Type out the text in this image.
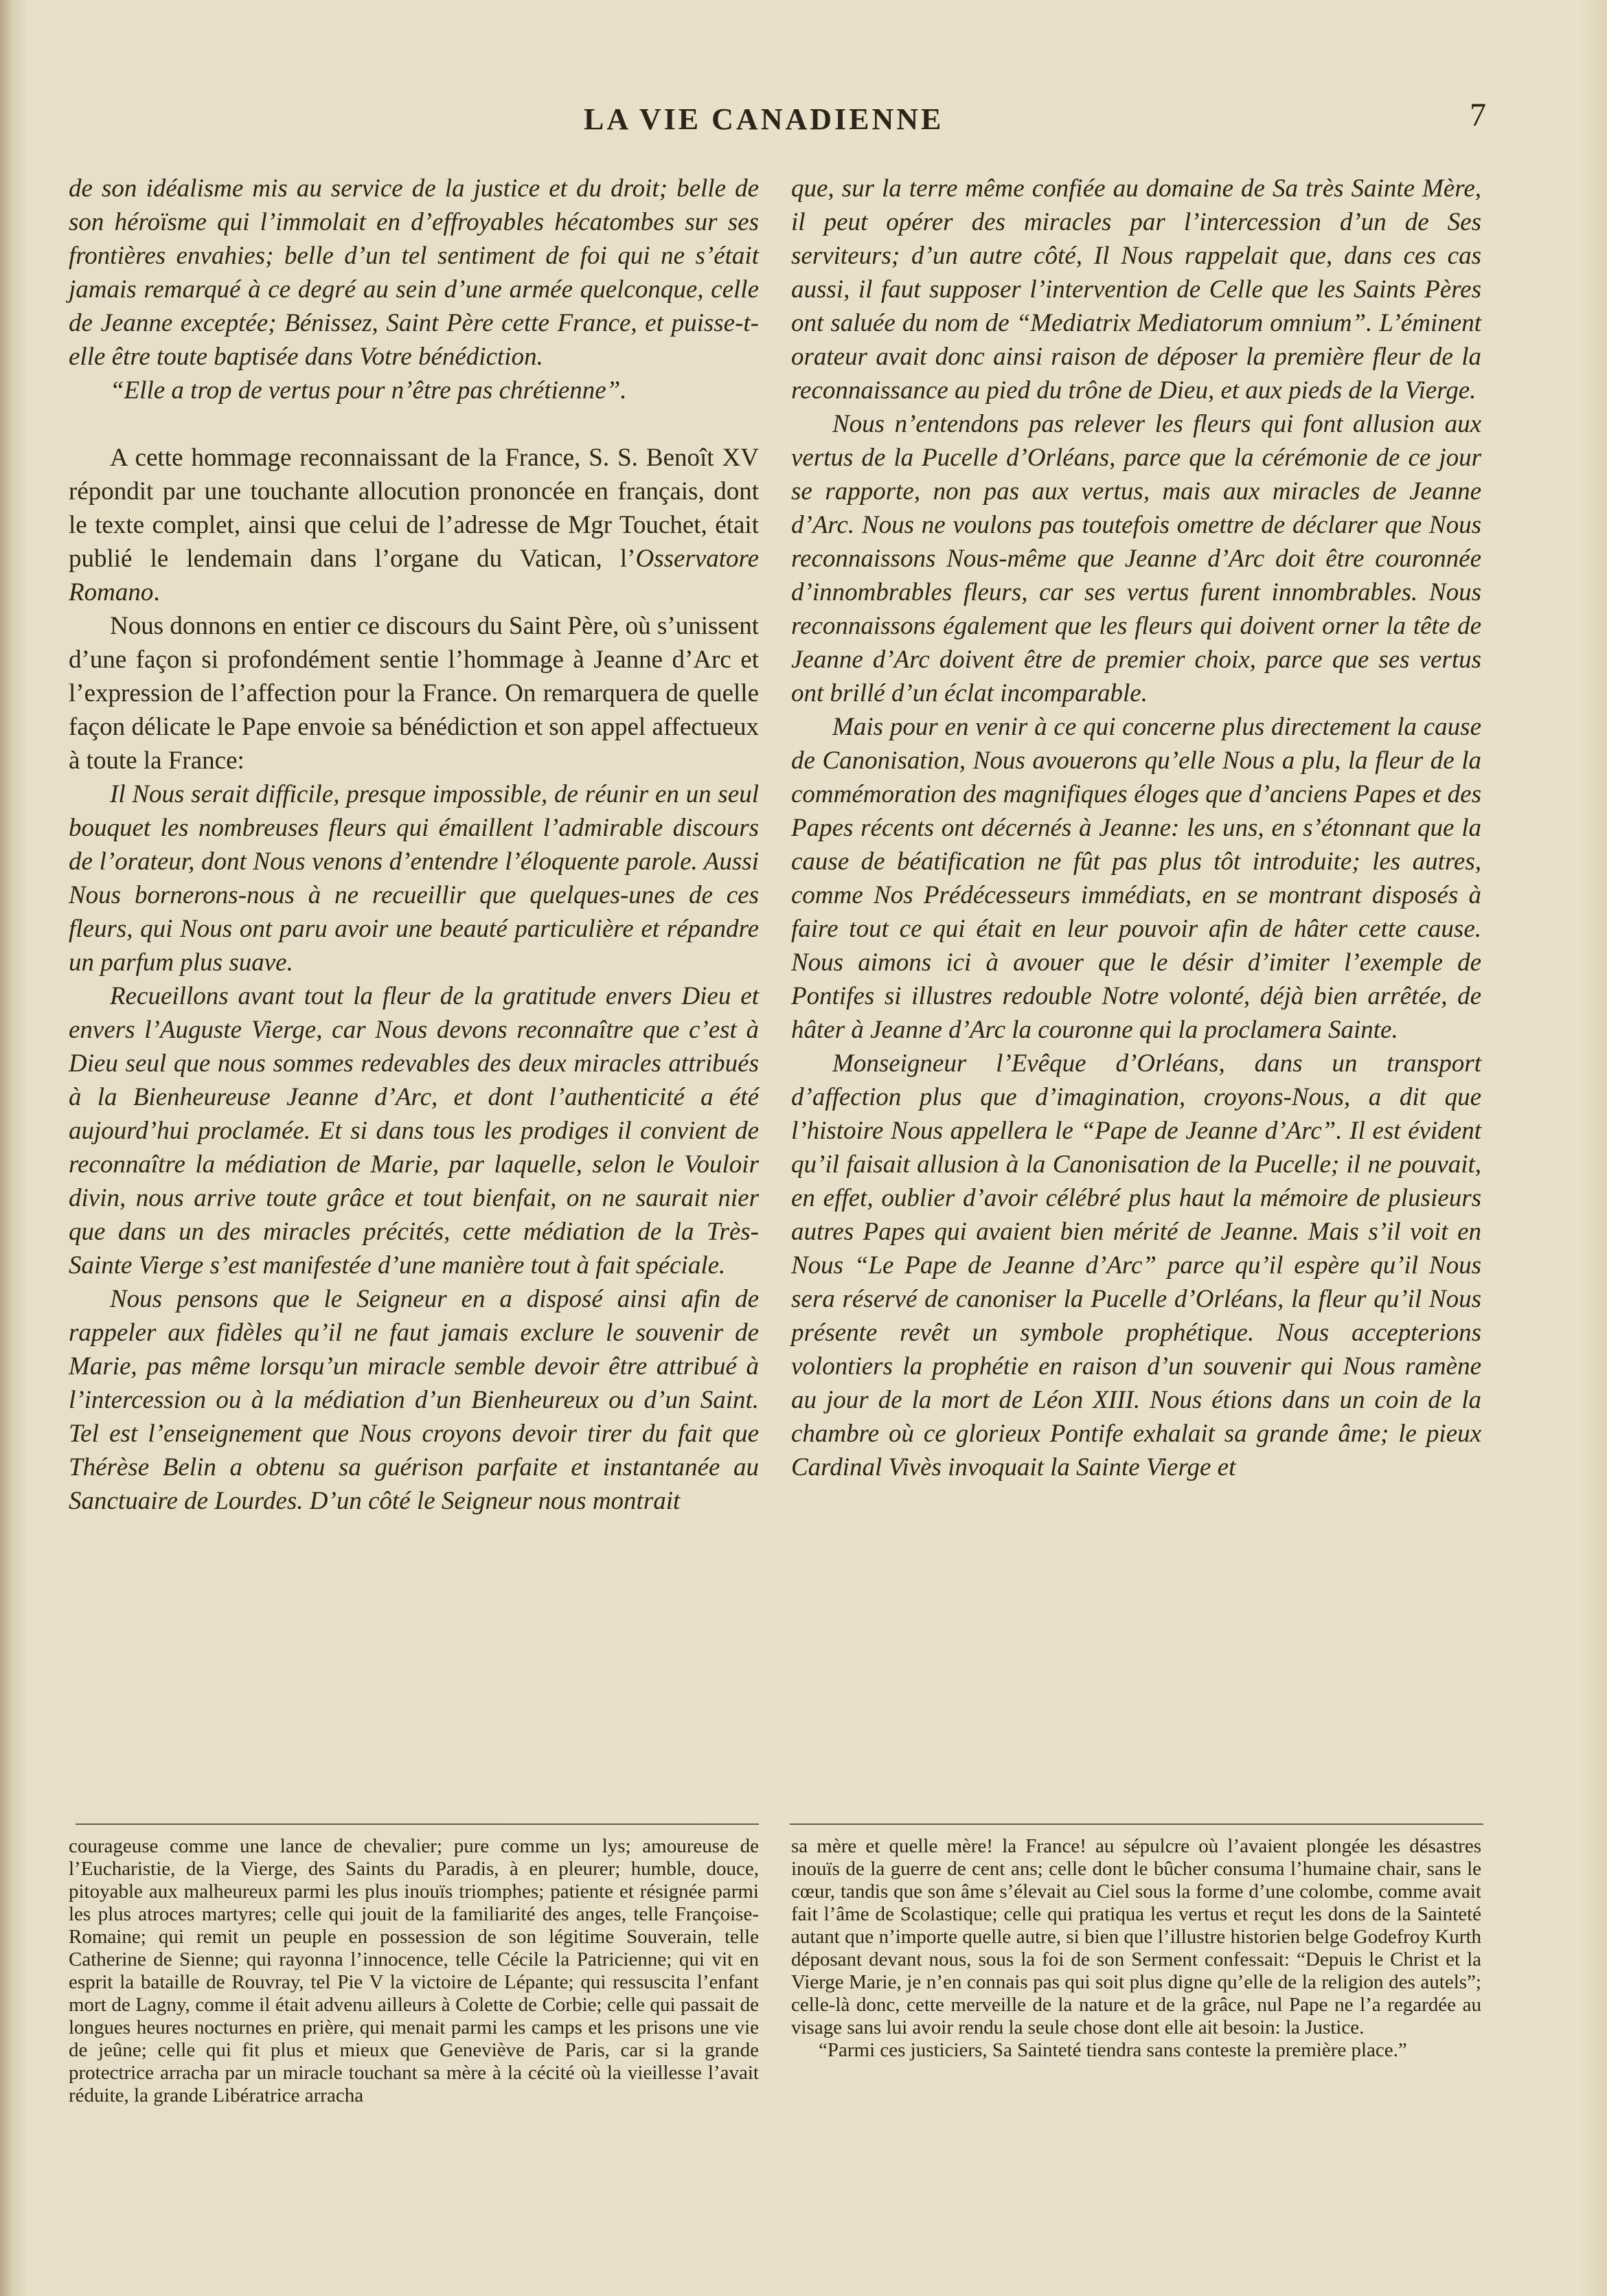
LA VIE CANADIENNE	7

de son idéalisme mis au service de la justice et du droit; belle de son héroïsme qui l’immolait en d’effroyables hécatombes sur ses frontières envahies; belle d’un tel sentiment de foi qui ne s’était jamais remarqué à ce degré au sein d’une armée quelconque, celle de Jeanne exceptée; Bénissez, Saint Père cette France, et puisse-t-elle être toute baptisée dans Votre bénédiction.

“Elle a trop de vertus pour n’être pas chrétienne”.

A cette hommage reconnaissant de la France, S. S. Benoît XV répondit par une touchante allocution prononcée en français, dont le texte complet, ainsi que celui de l’adresse de Mgr Touchet, était publié le lendemain dans l’organe du Vatican, l’Osservatore Romano.

Nous donnons en entier ce discours du Saint Père, où s’unissent d’une façon si profondément sentie l’hommage à Jeanne d’Arc et l’expression de l’affection pour la France. On remarquera de quelle façon délicate le Pape envoie sa bénédiction et son appel affectueux à toute la France:

Il Nous serait difficile, presque impossible, de réunir en un seul bouquet les nombreuses fleurs qui émaillent l’admirable discours de l’orateur, dont Nous venons d’entendre l’éloquente parole. Aussi Nous bornerons-nous à ne recueillir que quelques-unes de ces fleurs, qui Nous ont paru avoir une beauté particulière et répandre un parfum plus suave.

Recueillons avant tout la fleur de la gratitude envers Dieu et envers l’Auguste Vierge, car Nous devons reconnaître que c’est à Dieu seul que nous sommes redevables des deux miracles attribués à la Bienheureuse Jeanne d’Arc, et dont l’authenticité a été aujourd’hui proclamée. Et si dans tous les prodiges il convient de reconnaître la médiation de Marie, par laquelle, selon le Vouloir divin, nous arrive toute grâce et tout bienfait, on ne saurait nier que dans un des miracles précités, cette médiation de la Très-Sainte Vierge s’est manifestée d’une manière tout à fait spéciale.

Nous pensons que le Seigneur en a disposé ainsi afin de rappeler aux fidèles qu’il ne faut jamais exclure le souvenir de Marie, pas même lorsqu’un miracle semble devoir être attribué à l’intercession ou à la médiation d’un Bienheureux ou d’un Saint. Tel est l’enseignement que Nous croyons devoir tirer du fait que Thérèse Belin a obtenu sa guérison parfaite et instantanée au Sanctuaire de Lourdes. D’un côté le Seigneur nous montrait

que, sur la terre même confiée au domaine de Sa très Sainte Mère, il peut opérer des miracles par l’intercession d’un de Ses serviteurs; d’un autre côté, Il Nous rappelait que, dans ces cas aussi, il faut supposer l’intervention de Celle que les Saints Pères ont saluée du nom de “Mediatrix Mediatorum omnium”. L’éminent orateur avait donc ainsi raison de déposer la première fleur de la reconnaissance au pied du trône de Dieu, et aux pieds de la Vierge.

Nous n’entendons pas relever les fleurs qui font allusion aux vertus de la Pucelle d’Orléans, parce que la cérémonie de ce jour se rapporte, non pas aux vertus, mais aux miracles de Jeanne d’Arc. Nous ne voulons pas toutefois omettre de déclarer que Nous reconnaissons Nous-même que Jeanne d’Arc doit être couronnée d’innombrables fleurs, car ses vertus furent innombrables. Nous reconnaissons également que les fleurs qui doivent orner la tête de Jeanne d’Arc doivent être de premier choix, parce que ses vertus ont brillé d’un éclat incomparable.

Mais pour en venir à ce qui concerne plus directement la cause de Canonisation, Nous avouerons qu’elle Nous a plu, la fleur de la commémoration des magnifiques éloges que d’anciens Papes et des Papes récents ont décernés à Jeanne: les uns, en s’étonnant que la cause de béatification ne fût pas plus tôt introduite; les autres, comme Nos Prédécesseurs immédiats, en se montrant disposés à faire tout ce qui était en leur pouvoir afin de hâter cette cause. Nous aimons ici à avouer que le désir d’imiter l’exemple de Pontifes si illustres redouble Notre volonté, déjà bien arrêtée, de hâter à Jeanne d’Arc la couronne qui la proclamera Sainte.

Monseigneur l’Evêque d’Orléans, dans un transport d’affection plus que d’imagination, croyons-Nous, a dit que l’histoire Nous appellera le “Pape de Jeanne d’Arc”. Il est évident qu’il faisait allusion à la Canonisation de la Pucelle; il ne pouvait, en effet, oublier d’avoir célébré plus haut la mémoire de plusieurs autres Papes qui avaient bien mérité de Jeanne. Mais s’il voit en Nous “Le Pape de Jeanne d’Arc” parce qu’il espère qu’il Nous sera réservé de canoniser la Pucelle d’Orléans, la fleur qu’il Nous présente revêt un symbole prophétique. Nous accepterions volontiers la prophétie en raison d’un souvenir qui Nous ramène au jour de la mort de Léon XIII. Nous étions dans un coin de la chambre où ce glorieux Pontife exhalait sa grande âme; le pieux Cardinal Vivès invoquait la Sainte Vierge et

courageuse comme une lance de chevalier; pure comme un lys; amoureuse de l’Eucharistie, de la Vierge, des Saints du Paradis, à en pleurer; humble, douce, pitoyable aux malheureux parmi les plus inouïs triomphes; patiente et résignée parmi les plus atroces martyres; celle qui jouit de la familiarité des anges, telle Françoise-Romaine; qui remit un peuple en possession de son légitime Souverain, telle Catherine de Sienne; qui rayonna l’innocence, telle Cécile la Patricienne; qui vit en esprit la bataille de Rouvray, tel Pie V la victoire de Lépante; qui ressuscita l’enfant mort de Lagny, comme il était advenu ailleurs à Colette de Corbie; celle qui passait de longues heures nocturnes en prière, qui menait parmi les camps et les prisons une vie de jeûne; celle qui fit plus et mieux que Geneviève de Paris, car si la grande protectrice arracha par un miracle touchant sa mère à la cécité où la vieillesse l’avait réduite, la grande Libératrice arracha

sa mère et quelle mère! la France! au sépulcre où l’avaient plongée les désastres inouïs de la guerre de cent ans; celle dont le bûcher consuma l’humaine chair, sans le cœur, tandis que son âme s’élevait au Ciel sous la forme d’une colombe, comme avait fait l’âme de Scolastique; celle qui pratiqua les vertus et reçut les dons de la Sainteté autant que n’importe quelle autre, si bien que l’illustre historien belge Godefroy Kurth déposant devant nous, sous la foi de son Serment confessait: “Depuis le Christ et la Vierge Marie, je n’en connais pas qui soit plus digne qu’elle de la religion des autels”; celle-là donc, cette merveille de la nature et de la grâce, nul Pape ne l’a regardée au visage sans lui avoir rendu la seule chose dont elle ait besoin: la Justice.

“Parmi ces justiciers, Sa Sainteté tiendra sans conteste la première place.”
